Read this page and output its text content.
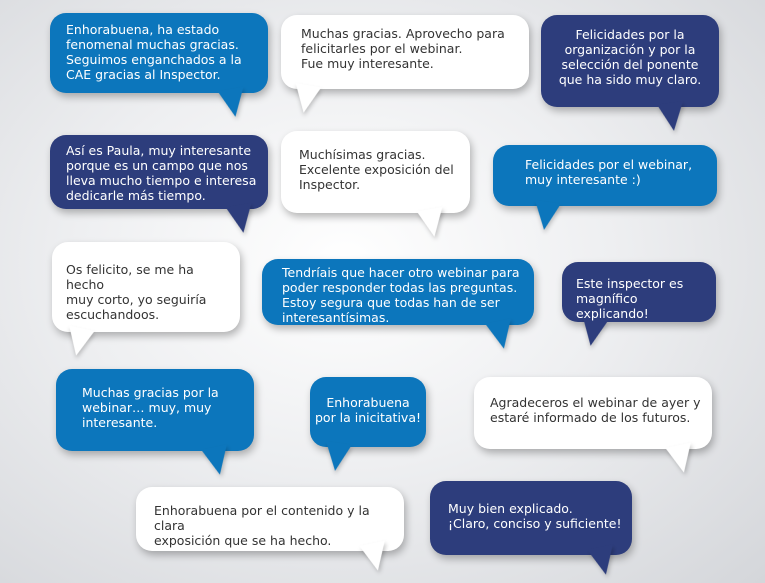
Enhorabuena, ha estado
fenomenal muchas gracias.
Seguimos enganchados a la
CAE gracias al Inspector.

Muchas gracias. Aprovecho para
felicitarles por el webinar.
Fue muy interesante.

Felicidades por la
organización y por la
selección del ponente
que ha sido muy claro.

Así es Paula, muy interesante
porque es un campo que nos
lleva mucho tiempo e interesa
dedicarle más tiempo.

Muchísimas gracias.
Excelente exposición del
Inspector.

Felicidades por el webinar,
muy interesante :)

Os felicito, se me ha hecho
muy corto, yo seguiría
escuchandoos.

Tendríais que hacer otro webinar para
poder responder todas las preguntas.
Estoy segura que todas han de ser
interesantísimas.

Este inspector es
magnífico explicando!

Muchas gracias por la
webinar… muy, muy
interesante.

Enhorabuena
por la inicitativa!

Agradeceros el webinar de ayer y
estaré informado de los futuros.

Enhorabuena por el contenido y la clara
exposición que se ha hecho.

Muy bien explicado.
¡Claro, conciso y suficiente!
